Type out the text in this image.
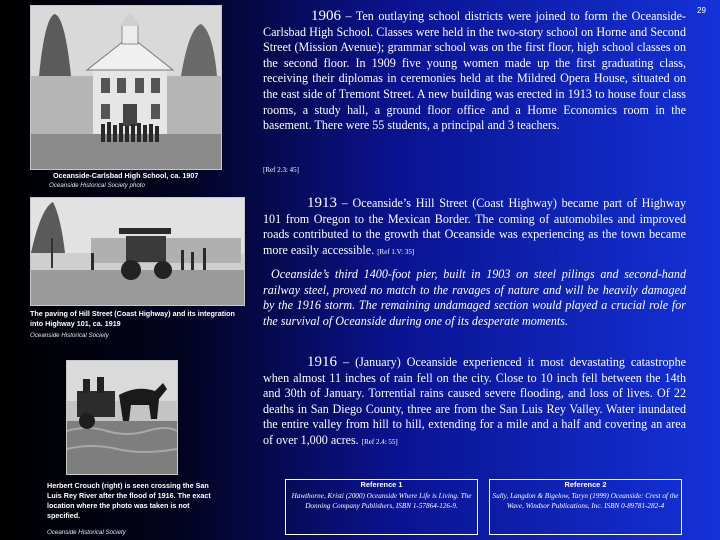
29
Oceanside-Carlsbad High School, ca. 1907
Oceanside Historical Society photo
The paving of Hill Street (Coast Highway) and its integration into Highway 101, ca. 1919
Oceanside Historical Society
Herbert Crouch (right) is seen crossing the San Luis Rey River after the flood of 1916. The exact location where the photo was taken is not specified.
Oceanside Historical Society

1906 – Ten outlaying school districts were joined to form the Oceanside-Carlsbad High School. Classes were held in the two-story school on Horne and Second Street (Mission Avenue); grammar school was on the first floor, high school classes on the second floor. In 1909 five young women made up the first graduating class, receiving their diplomas in ceremonies held at the Mildred Opera House, situated on the east side of Tremont Street. A new building was erected in 1913 to house four class rooms, a study hall, a ground floor office and a Home Economics room in the basement. There were 55 students, a principal and 3 teachers.

[Ref 2.3: 45]

1913 – Oceanside’s Hill Street (Coast Highway) became part of Highway 101 from Oregon to the Mexican Border. The coming of automobiles and improved roads contributed to the growth that Oceanside was experiencing as the town became more easily accessible. [Ref 1.V: 35]

Oceanside’s third 1400-foot pier, built in 1903 on steel pilings and second-hand railway steel, proved no match to the ravages of nature and will be heavily damaged by the 1916 storm. The remaining undamaged section would played a crucial role for the survival of Oceanside during one of its desperate moments.

1916 – (January) Oceanside experienced it most devastating catastrophe when almost 11 inches of rain fell on the city. Close to 10 inch fell between the 14th and 30th of January. Torrential rains caused severe flooding, and loss of lives. Of 22 deaths in San Diego County, three are from the San Luis Rey Valley. Water inundated the entire valley from hill to hill, extending for a mile and a half and covering an area of over 1,000 acres. [Ref 2.4: 55]

Reference 1
Hawthorne, Kristi (2000) Oceanside Where Life is Living. The Donning Company Publishers, ISBN 1-57864-126-9.
Reference 2
Sully, Langdon & Bigelow, Taryn (1999) Oceanside: Crest of the Wave, Windsor Publications, Inc. ISBN 0-89781-282-4
